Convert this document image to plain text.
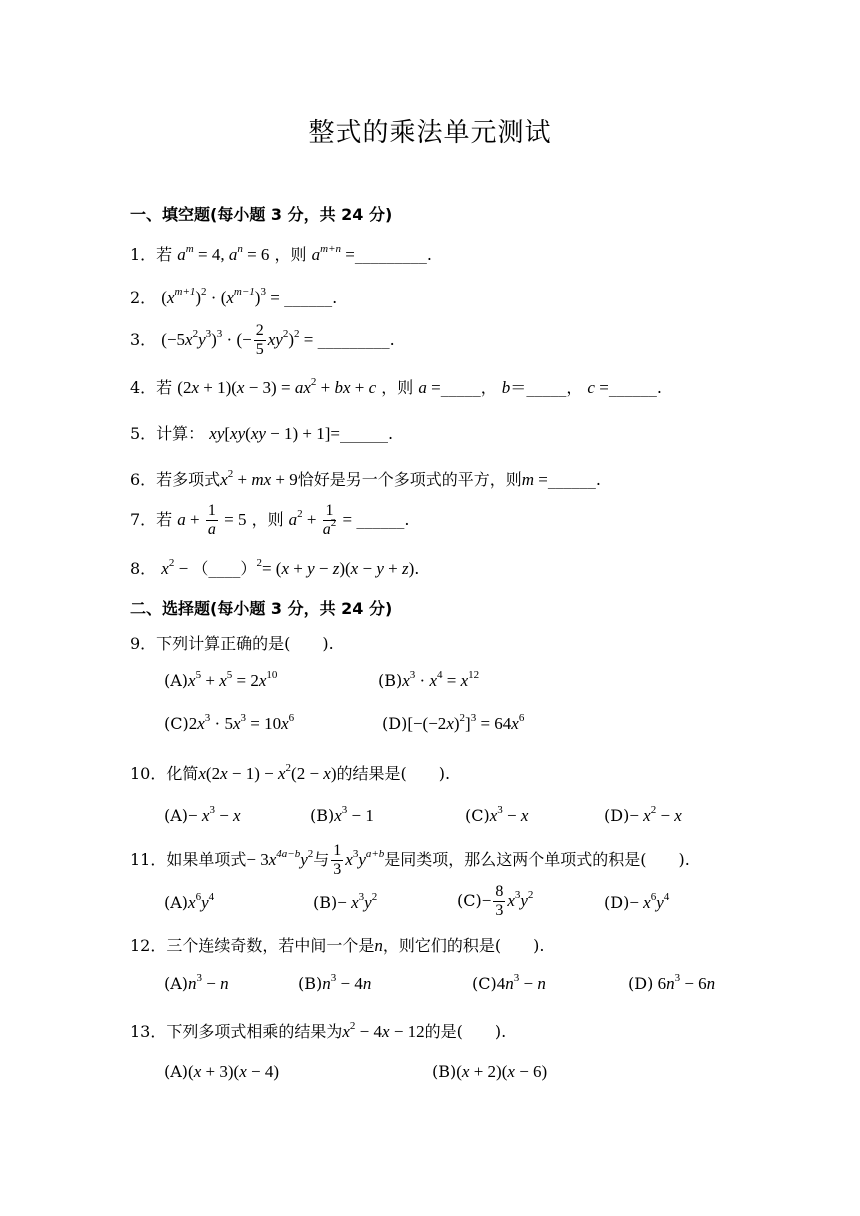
整式的乘法单元测试
一、填空题(每小题 3 分，共 24 分)
1．若 $a^m = 4$, $a^n = 6$ ，则 $a^{m+n}$ =_________.
2． $(x^{m+1})^2 \cdot (x^{m-1})^3$ = ______.
3． $(-5x^2y^3)^3$ · (− $\frac{2}{5} xy^2)^2$ = _________.
4．若 $(2x + 1)(x - 3) = ax^2$ + bx + c ，则 a =_____， b＝_____， c =______.
5．计算： xy[xy(xy − 1) + 1]=______.
6．若多项式$x^2$ + mx + 9恰好是另一个多项式的平方，则m =______.
7．若 $a + \frac{1}{a} = 5$ ，则 $a^2 + \frac{1}{a^2}$ = ______.
8． $x^2$ − （____）$^2$= (x + y − z)(x − y + z).
二、选择题(每小题 3 分，共 24 分)
9．下列计算正确的是(　　).
$(A)x^5 + x^5 = 2x^{10}$	$(B)x^3 \cdot x^4 = x^{12}$
$(C)2x^3 \cdot 5x^3 = 10x^6$	$(D)[-(-2x)^2]^3 = 64x^6$
10．化简$x(2x - 1) - x^2(2 - x)$的结果是(　　).
$(A)- x^3 - x$	$(B)x^3 - 1$	$(C)x^3 - x$	$(D)- x^2 - x$
11．如果单项式− $3x^{4a-b}y^2$与 $\frac{1}{3} x^3y^{a+b}$是同类项，那么这两个单项式的积是(　　).
$(A)x^6y^4$	$(B)- x^3y^2$	$(C)- \frac{8}{3} x^3y^2$	$(D)- x^6y^4$
12．三个连续奇数，若中间一个是n，则它们的积是(　　).
$(A)n^3 - n$	$(B)n^3 - 4n$	$(C)4n^3 - n$	(D) $6n^3 - 6n$
13．下列多项式相乘的结果为$x^2 - 4x - 12$的是(　　).
(A)(x + 3)(x − 4)	(B)(x + 2)(x − 6)
